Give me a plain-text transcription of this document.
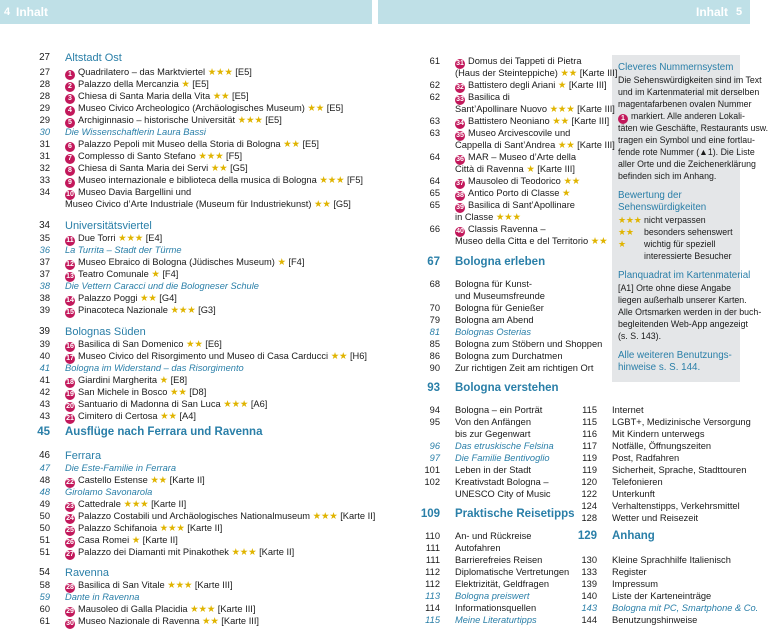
4 Inhalt	Inhalt 5
27 Altstadt Ost
27	1 Quadrilatero – das Marktviertel ★★★ [E5]
28	2 Palazzo della Mercanzia ★ [E5]
28	3 Chiesa di Santa Maria della Vita ★★ [E5]
29	4 Museo Civico Archeologico (Archäologisches Museum) ★★ [E5]
29	5 Archiginnasio – historische Universität ★★★ [E5]
30 Die Wissenschaftlerin Laura Bassi
31	6 Palazzo Pepoli mit Museo della Storia di Bologna ★★ [E5]
31	7 Complesso di Santo Stefano ★★★ [F5]
32	8 Chiesa di Santa Maria dei Servi ★★ [G5]
33	9 Museo internazionale e biblioteca della musica di Bologna ★★★ [F5]
34 10 Museo Davia Bargellini und
Museo Civico d’Arte Industriale (Museum für Industriekunst) ★★ [G5]
34 Universitätsviertel
35 11 Due Torri ★★★ [E4]
36 La Turrita – Stadt der Türme
37 12 Museo Ebraico di Bologna (Jüdisches Museum) ★ [F4]
37 13 Teatro Comunale ★ [F4]
38 Die Vettern Caracci und die Bologneser Schule
38 14 Palazzo Poggi ★★ [G4]
39 15 Pinacoteca Nazionale ★★★ [G3]
39 Bolognas Süden
39 16 Basilica di San Domenico ★★ [E6]
40 17 Museo Civico del Risorgimento und Museo di Casa Carducci ★★ [H6]
41 Bologna im Widerstand – das Risorgimento
41 18 Giardini Margherita ★ [E8]
42 19 San Michele in Bosco ★★ [D8]
43 20 Santuario di Madonna di San Luca ★★★ [A6]
43 21 Cimitero di Certosa ★★ [A4]
45 Ausflüge nach Ferrara und Ravenna
46 Ferrara
47 Die Este-Familie in Ferrara
48 22 Castello Estense ★★ [Karte II]
48 Girolamo Savonarola
49 23 Cattedrale ★★★ [Karte II]
50 24 Palazzo Costabili und Archäologisches Nationalmuseum ★★★ [Karte II]
50 25 Palazzo Schifanoia ★★★ [Karte II]
51 26 Casa Romei ★ [Karte II]
51 27 Palazzo dei Diamanti mit Pinakothek ★★★ [Karte II]
54 Ravenna
58 28 Basilica di San Vitale ★★★ [Karte III]
59 Dante in Ravenna
60 29 Mausoleo di Galla Placidia ★★★ [Karte III]
61 30 Museo Nazionale di Ravenna ★★ [Karte III]
61 31 Domus dei Tappeti di Pietra
(Haus der Steinteppiche) ★★ [Karte III]
62 32 Battistero degli Ariani ★ [Karte III]
62 33 Basilica di
Sant’Apollinare Nuovo ★★★ [Karte III]
63 34 Battistero Neoniano ★★ [Karte III]
63 35 Museo Arcivescovile und
Cappella di Sant’Andrea ★★ [Karte III]
64 36 MAR – Museo d’Arte della
Città di Ravenna ★ [Karte III]
64 37 Mausoleo di Teodorico ★★
65 38 Antico Porto di Classe ★
65 39 Basilica di Sant’Apollinare
in Classe ★★★
66 40 Classis Ravenna –
Museo della Citta e del Territorio ★★
67 Bologna erleben
68 Bologna für Kunst-
und Museumsfreunde
70 Bologna für Genießer
79 Bologna am Abend
81 Bolognas Osterias
85 Bologna zum Stöbern und Shoppen
86 Bologna zum Durchatmen
90 Zur richtigen Zeit am richtigen Ort
93 Bologna verstehen
94 Bologna – ein Porträt
95 Von den Anfängen
bis zur Gegenwart
96 Das etruskische Felsina
97 Die Familie Bentivoglio
101 Leben in der Stadt
102 Kreativstadt Bologna –
UNESCO City of Music
109 Praktische Reisetipps
110 An- und Rückreise
111 Autofahren
111 Barrierefreies Reisen
112 Diplomatische Vertretungen
112 Elektrizität, Geldfragen
113 Bologna preiswert
114 Informationsquellen
115 Meine Literaturtipps
115 Internet
115 LGBT+, Medizinische Versorgung
116 Mit Kindern unterwegs
117 Notfälle, Öffnungszeiten
119 Post, Radfahren
119 Sicherheit, Sprache, Stadttouren
120 Telefonieren
122 Unterkunft
124 Verhaltenstipps, Verkehrsmittel
128 Wetter und Reisezeit
129 Anhang
130 Kleine Sprachhilfe Italienisch
133 Register
139 Impressum
140 Liste der Karteneinträge
143 Bologna mit PC, Smartphone & Co.
144 Benutzungshinweise
Cleveres Nummernsystem
Die Sehenswürdigkeiten sind im Text
und im Kartenmaterial mit derselben
magentafarbenen ovalen Nummer
1 markiert. Alle anderen Lokali-
täten wie Geschäfte, Restaurants usw.
tragen ein Symbol und eine fortlau-
fende rote Nummer (▲1). Die Liste
aller Orte und die Zeichenerklärung
befinden sich im Anhang.
Bewertung der
Sehenswürdigkeiten
★★★ nicht verpassen
★★ besonders sehenswert
★ wichtig für speziell
interessierte Besucher
Planquadrat im Kartenmaterial
[A1] Orte ohne diese Angabe
liegen außerhalb unserer Karten.
Alle Ortsmarken werden in der buch-
begleitenden Web-App angezeigt
(s. S. 143).
Alle weiteren Benutzungs-
hinweise s. S. 144.
